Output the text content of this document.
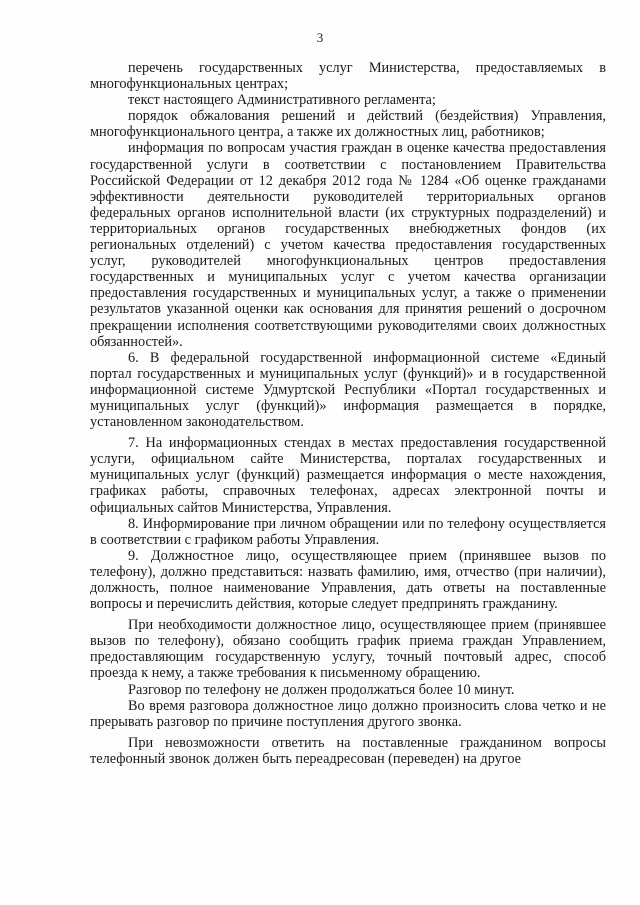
3

перечень государственных услуг Министерства, предоставляемых в многофункциональных центрах;

текст настоящего Административного регламента;

порядок обжалования решений и действий (бездействия) Управления, многофункционального центра, а также их должностных лиц, работников;

информация по вопросам участия граждан в оценке качества предоставления государственной услуги в соответствии с постановлением Правительства Российской Федерации от 12 декабря 2012 года № 1284 «Об оценке гражданами эффективности деятельности руководителей территориальных органов федеральных органов исполнительной власти (их структурных подразделений) и территориальных органов государственных внебюджетных фондов (их региональных отделений) с учетом качества предоставления государственных услуг, руководителей многофункциональных центров предоставления государственных и муниципальных услуг с учетом качества организации предоставления государственных и муниципальных услуг, а также о применении результатов указанной оценки как основания для принятия решений о досрочном прекращении исполнения соответствующими руководителями своих должностных обязанностей».

6. В федеральной государственной информационной системе «Единый портал государственных и муниципальных услуг (функций)» и в государственной информационной системе Удмуртской Республики «Портал государственных и муниципальных услуг (функций)» информация размещается в порядке, установленном законодательством.

7. На информационных стендах в местах предоставления государственной услуги, официальном сайте Министерства, порталах государственных и муниципальных услуг (функций) размещается информация о месте нахождения, графиках работы, справочных телефонах, адресах электронной почты и официальных сайтов Министерства, Управления.

8. Информирование при личном обращении или по телефону осуществляется в соответствии с графиком работы Управления.

9. Должностное лицо, осуществляющее прием (принявшее вызов по телефону), должно представиться: назвать фамилию, имя, отчество (при наличии), должность, полное наименование Управления, дать ответы на поставленные вопросы и перечислить действия, которые следует предпринять гражданину.

При необходимости должностное лицо, осуществляющее прием (принявшее вызов по телефону), обязано сообщить график приема граждан Управлением, предоставляющим государственную услугу, точный почтовый адрес, способ проезда к нему, а также требования к письменному обращению.

Разговор по телефону не должен продолжаться более 10 минут.

Во время разговора должностное лицо должно произносить слова четко и не прерывать разговор по причине поступления другого звонка.

При невозможности ответить на поставленные гражданином вопросы телефонный звонок должен быть переадресован (переведен) на другое
